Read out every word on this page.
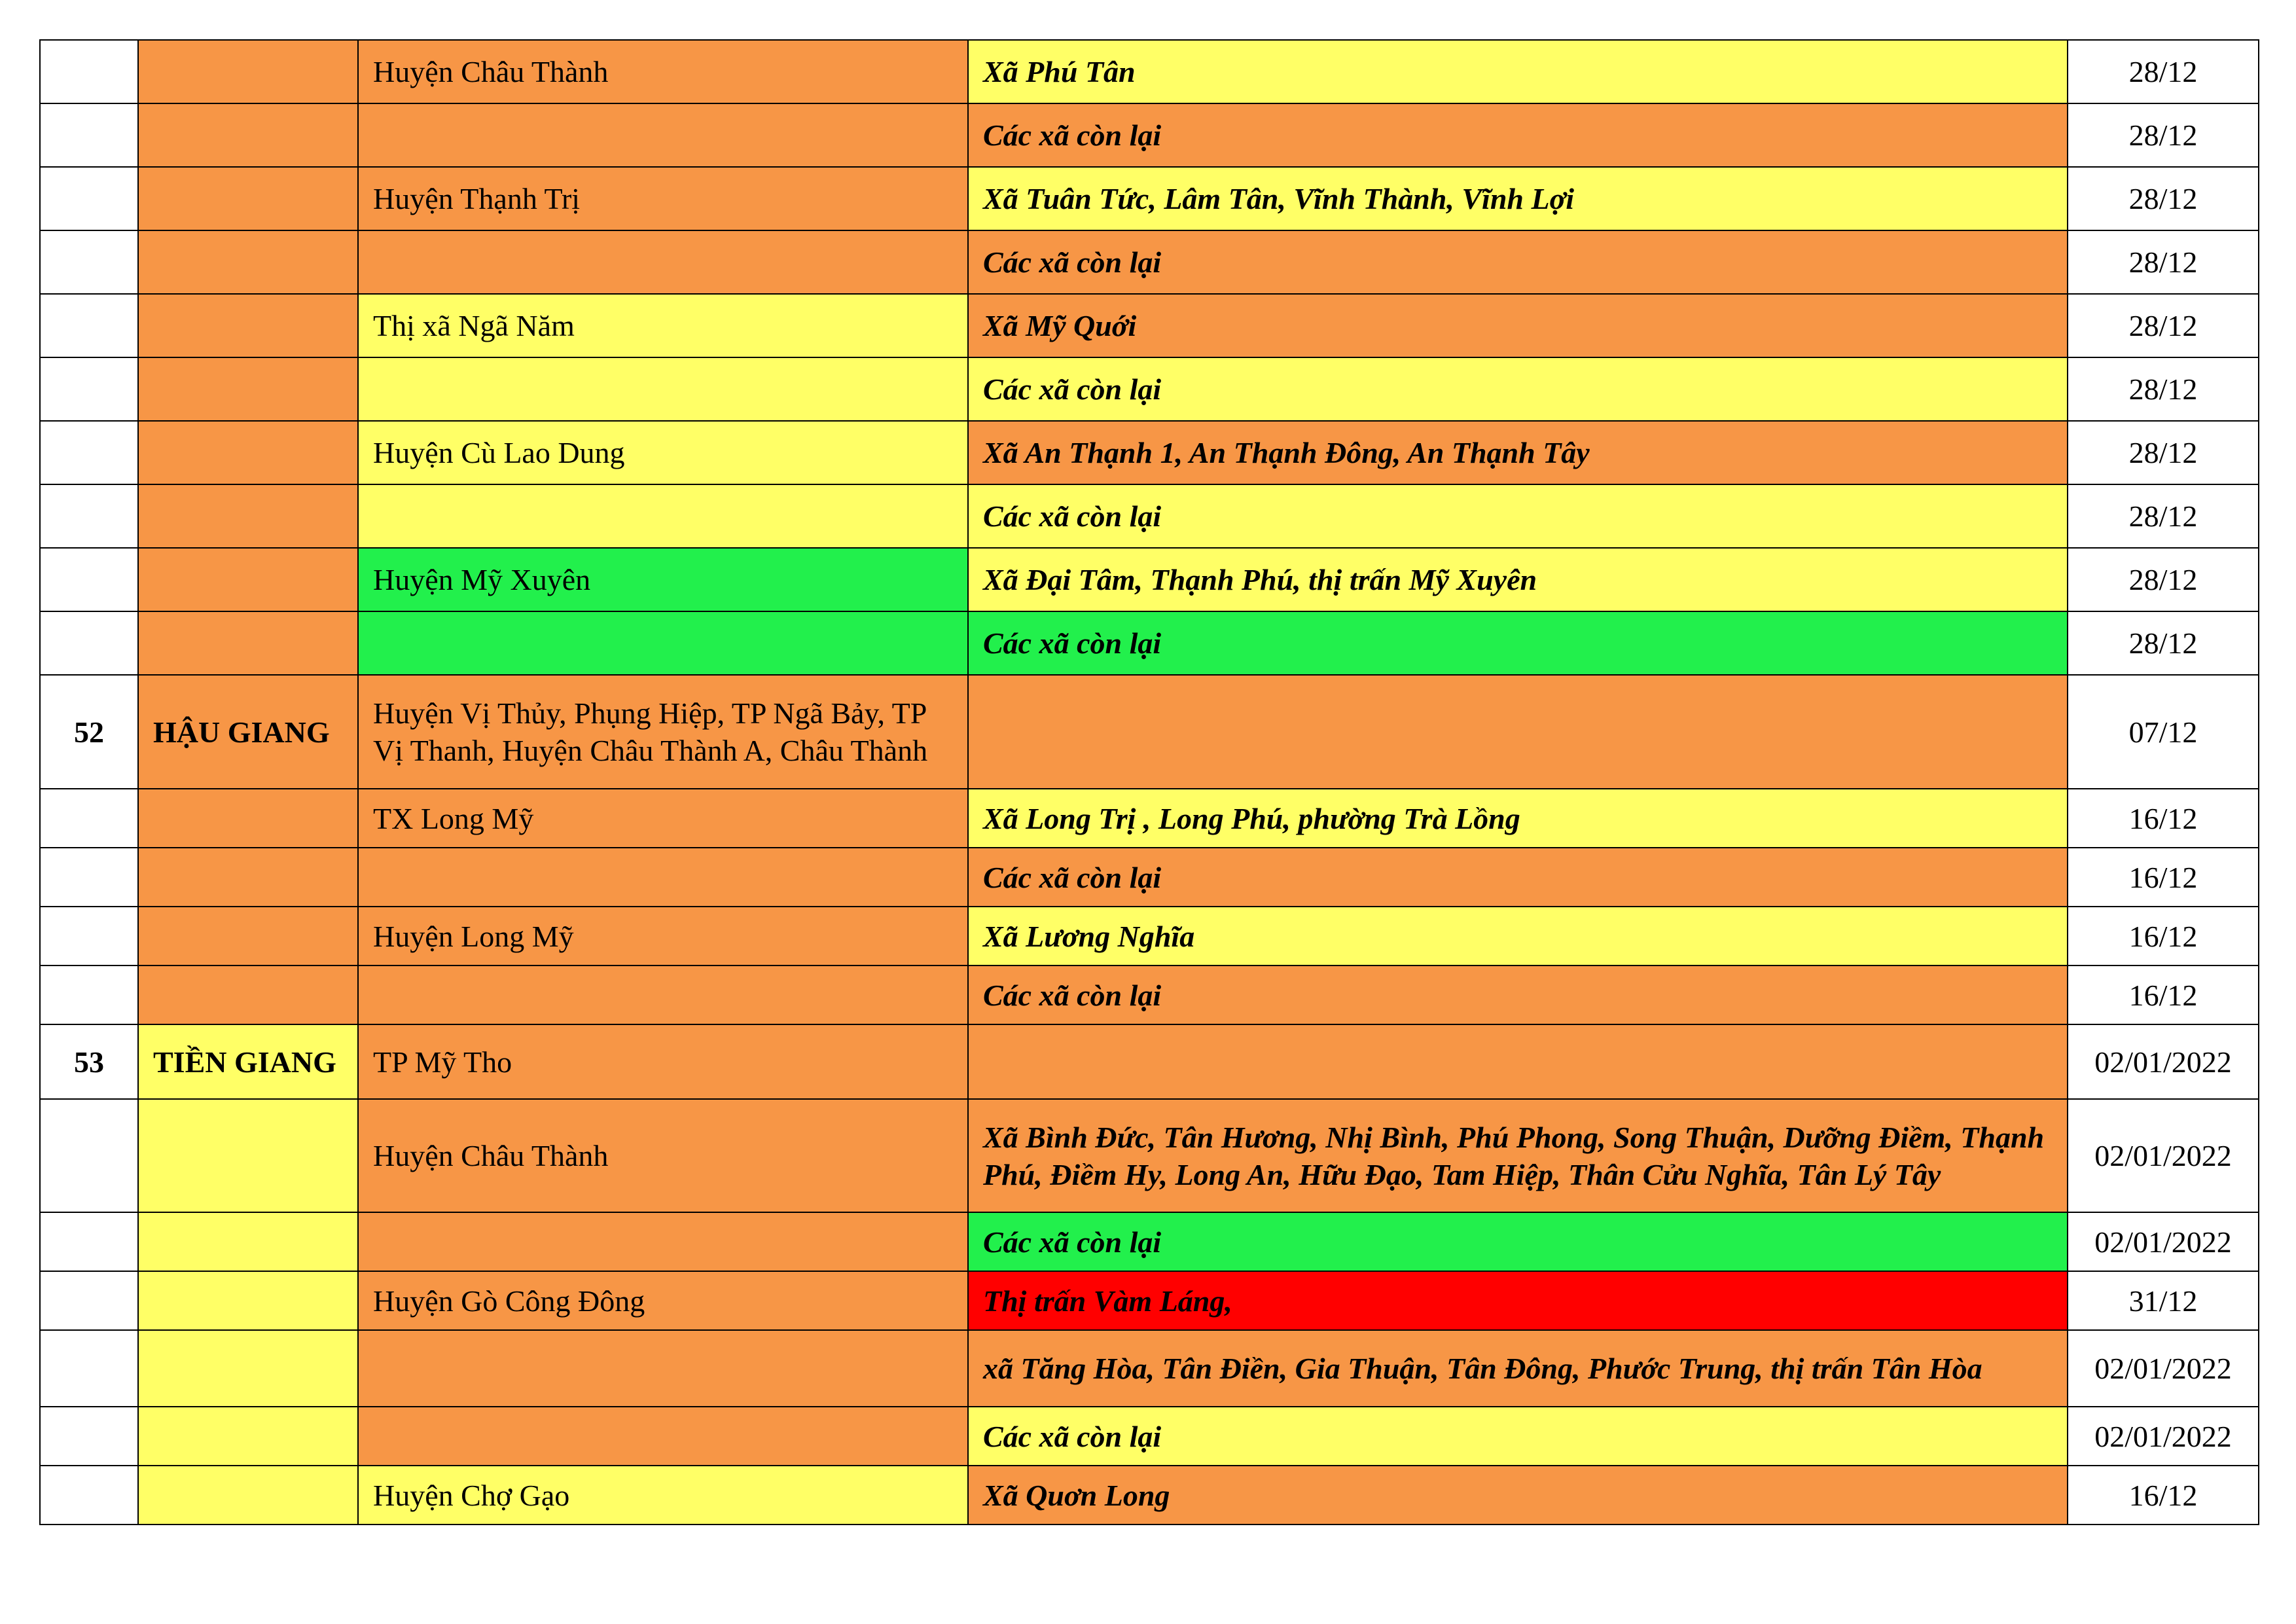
		Huyện Châu Thành	Xã Phú Tân	28/12
			Các xã còn lại	28/12
		Huyện Thạnh Trị	Xã Tuân Tức, Lâm Tân, Vĩnh Thành, Vĩnh Lợi	28/12
			Các xã còn lại	28/12
		Thị xã Ngã Năm	Xã Mỹ Quới	28/12
			Các xã còn lại	28/12
		Huyện Cù Lao Dung	Xã An Thạnh 1, An Thạnh Đông, An Thạnh Tây	28/12
			Các xã còn lại	28/12
		Huyện Mỹ Xuyên	Xã Đại Tâm, Thạnh Phú, thị trấn Mỹ Xuyên	28/12
			Các xã còn lại	28/12
52	HẬU GIANG	Huyện Vị Thủy, Phụng Hiệp, TP Ngã Bảy, TP Vị Thanh, Huyện Châu Thành A, Châu Thành		07/12
		TX Long Mỹ	Xã Long Trị , Long Phú, phường Trà Lồng	16/12
			Các xã còn lại	16/12
		Huyện Long Mỹ	Xã Lương Nghĩa	16/12
			Các xã còn lại	16/12
53	TIỀN GIANG	TP Mỹ Tho		02/01/2022
		Huyện Châu Thành	Xã Bình Đức, Tân Hương, Nhị Bình, Phú Phong, Song Thuận, Dưỡng Điềm, Thạnh Phú, Điềm Hy, Long An, Hữu Đạo, Tam Hiệp, Thân Cửu Nghĩa, Tân Lý Tây	02/01/2022
			Các xã còn lại	02/01/2022
		Huyện Gò Công Đông	Thị trấn Vàm Láng,	31/12
			xã Tăng Hòa, Tân Điền, Gia Thuận, Tân Đông, Phước Trung, thị trấn Tân Hòa	02/01/2022
			Các xã còn lại	02/01/2022
		Huyện Chợ Gạo	Xã Quơn Long	16/12
